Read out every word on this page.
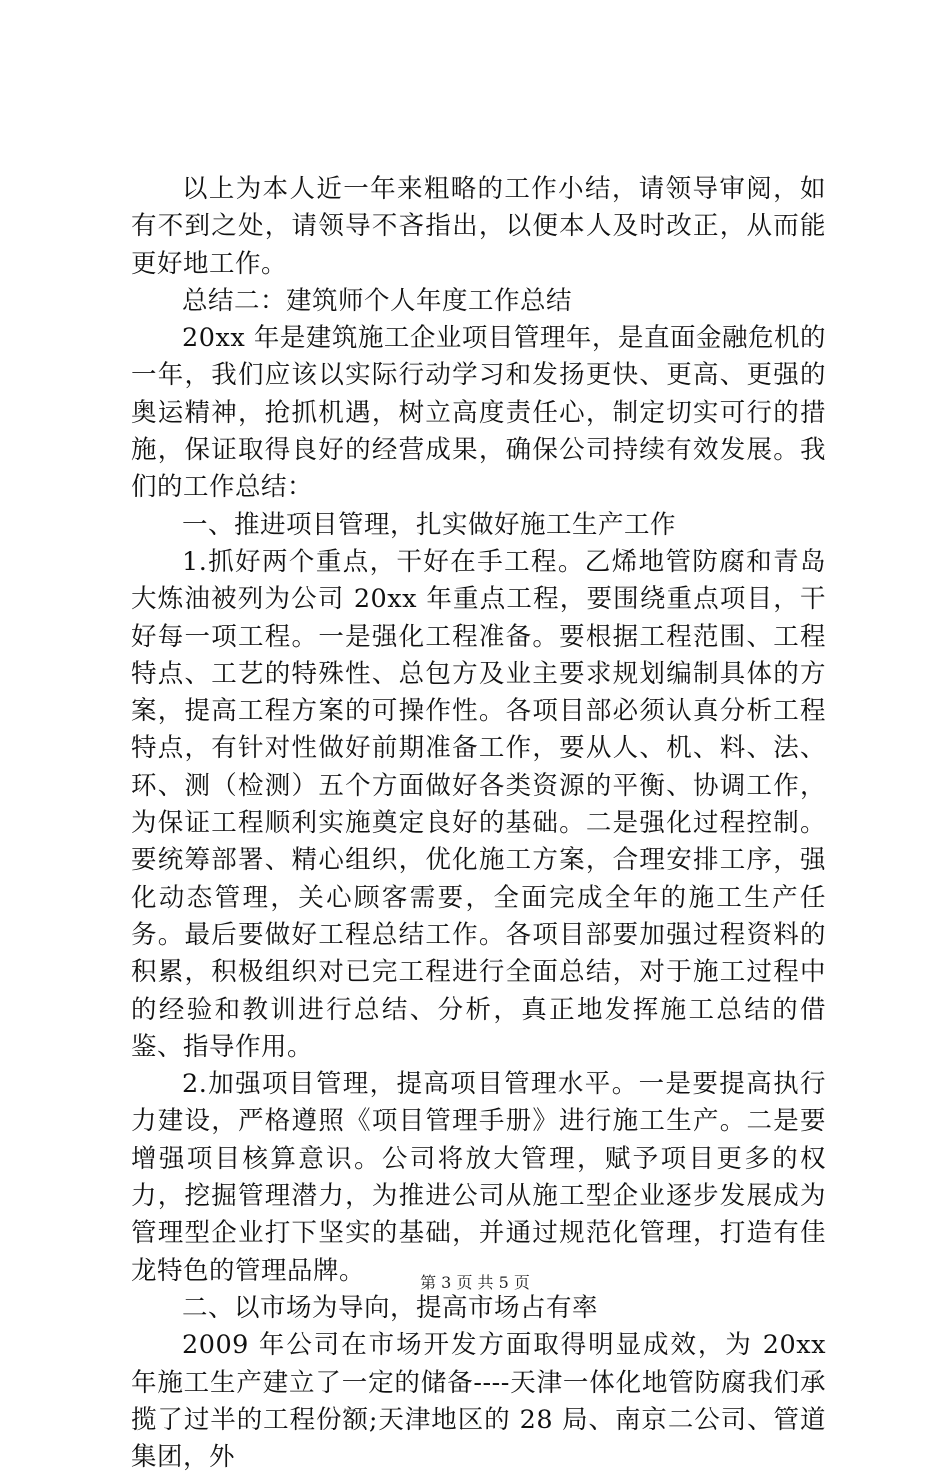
以上为本人近一年来粗略的工作小结，请领导审阅，如有不到之处，请领导不吝指出，以便本人及时改正，从而能更好地工作。

总结二：建筑师个人年度工作总结

20xx 年是建筑施工企业项目管理年，是直面金融危机的一年，我们应该以实际行动学习和发扬更快、更高、更强的奥运精神，抢抓机遇，树立高度责任心，制定切实可行的措施，保证取得良好的经营成果，确保公司持续有效发展。我们的工作总结：

一、推进项目管理，扎实做好施工生产工作

1.抓好两个重点，干好在手工程。乙烯地管防腐和青岛大炼油被列为公司 20xx 年重点工程，要围绕重点项目，干好每一项工程。一是强化工程准备。要根据工程范围、工程特点、工艺的特殊性、总包方及业主要求规划编制具体的方案，提高工程方案的可操作性。各项目部必须认真分析工程特点，有针对性做好前期准备工作，要从人、机、料、法、环、测（检测）五个方面做好各类资源的平衡、协调工作，为保证工程顺利实施奠定良好的基础。二是强化过程控制。要统筹部署、精心组织，优化施工方案，合理安排工序，强化动态管理，关心顾客需要，全面完成全年的施工生产任务。最后要做好工程总结工作。各项目部要加强过程资料的积累，积极组织对已完工程进行全面总结，对于施工过程中的经验和教训进行总结、分析，真正地发挥施工总结的借鉴、指导作用。

2.加强项目管理，提高项目管理水平。一是要提高执行力建设，严格遵照《项目管理手册》进行施工生产。二是要增强项目核算意识。公司将放大管理，赋予项目更多的权力，挖掘管理潜力，为推进公司从施工型企业逐步发展成为管理型企业打下坚实的基础，并通过规范化管理，打造有佳龙特色的管理品牌。

二、以市场为导向，提高市场占有率

2009 年公司在市场开发方面取得明显成效，为 20xx 年施工生产建立了一定的储备----天津一体化地管防腐我们承揽了过半的工程份额;天津地区的 28 局、南京二公司、管道集团，外

第 3 页 共 5 页
